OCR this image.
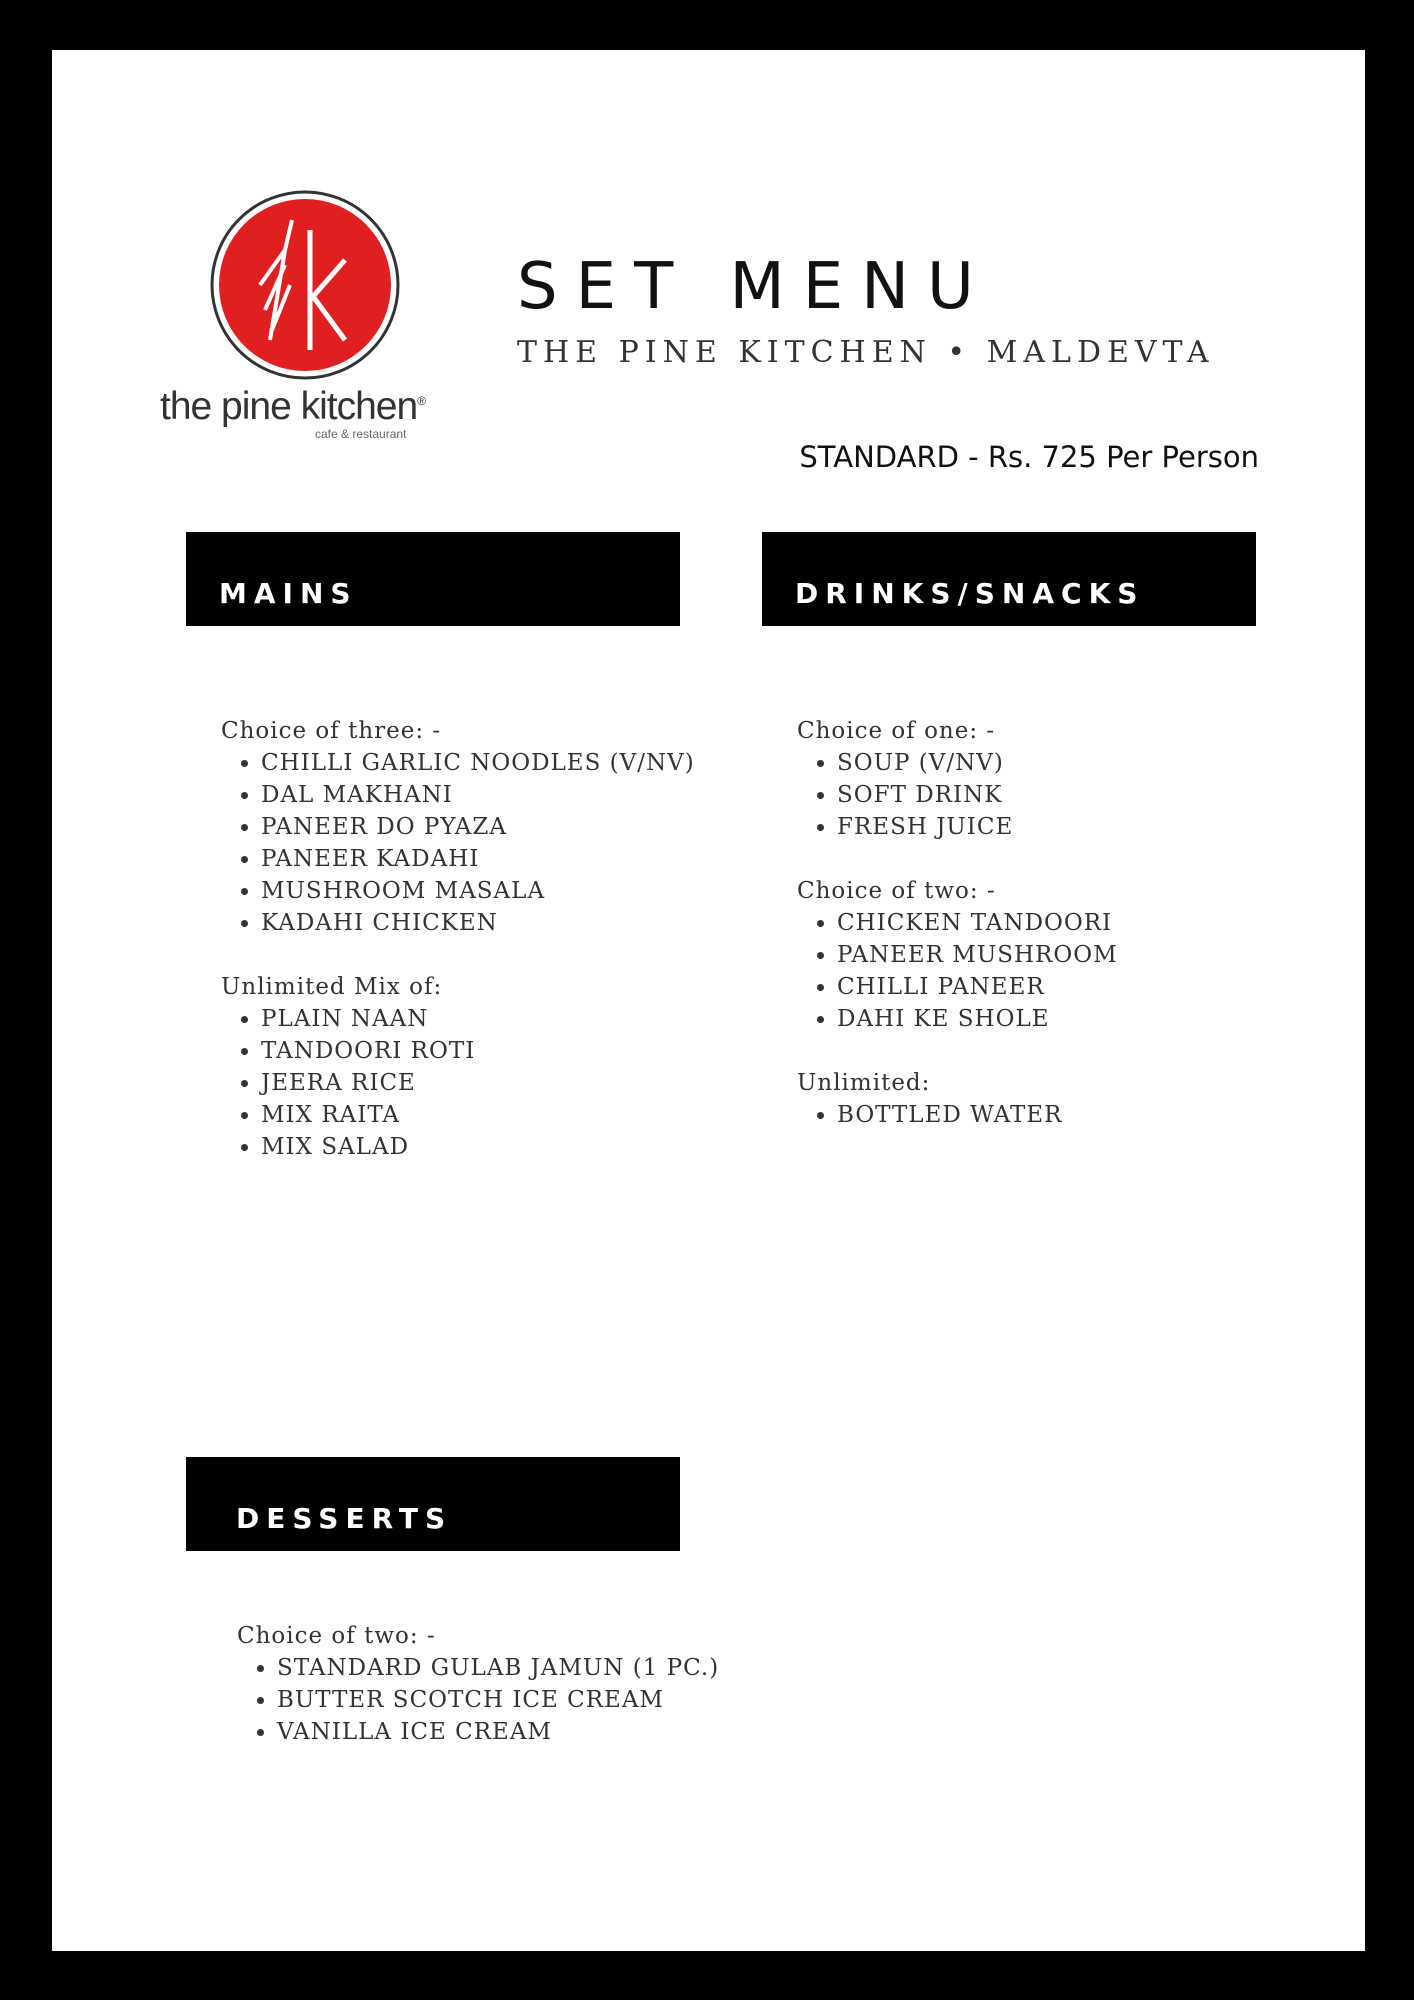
the pine kitchen®
cafe & restaurant
SET MENU
THE PINE KITCHEN • MALDEVTA
STANDARD - Rs. 725 Per Person
MAINS	DRINKS/SNACKS
DESSERTS

Choice of three: -

• CHILLI GARLIC NOODLES (V/NV)
• DAL MAKHANI
• PANEER DO PYAZA
• PANEER KADAHI
• MUSHROOM MASALA
• KADAHI CHICKEN

Unlimited Mix of:

• PLAIN NAAN
• TANDOORI ROTI
• JEERA RICE
• MIX RAITA
• MIX SALAD

Choice of one: -

• SOUP (V/NV)
• SOFT DRINK
• FRESH JUICE

Choice of two: -

• CHICKEN TANDOORI
• PANEER MUSHROOM
• CHILLI PANEER
• DAHI KE SHOLE

Unlimited:

• BOTTLED WATER

Choice of two: -

• STANDARD GULAB JAMUN (1 PC.)
• BUTTER SCOTCH ICE CREAM
• VANILLA ICE CREAM
